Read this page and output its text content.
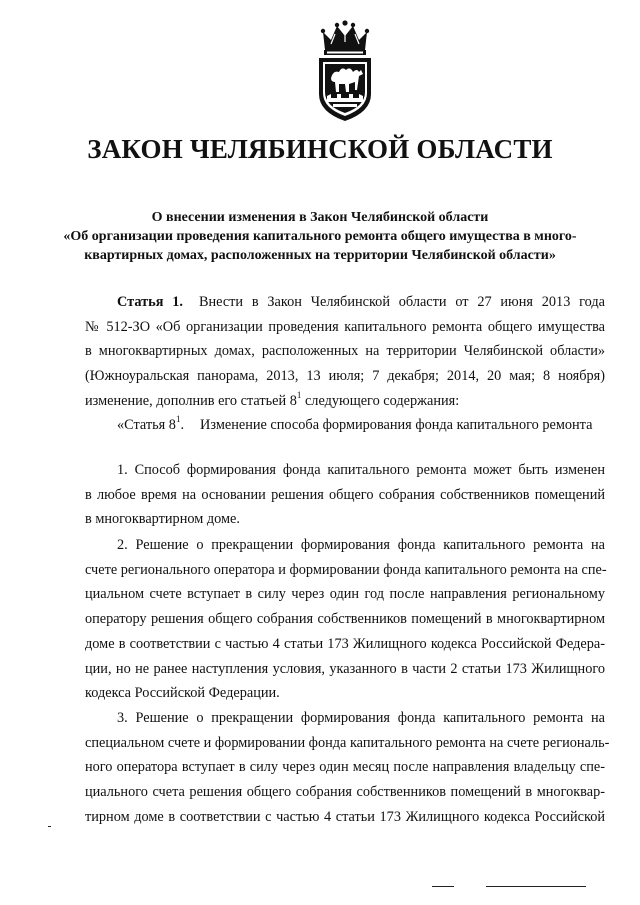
ЗАКОН ЧЕЛЯБИНСКОЙ ОБЛАСТИ
О внесении изменения в Закон Челябинской области
«Об организации проведения капитального ремонта общего имущества в много-
квартирных домах, расположенных на территории Челябинской области»
Статья 1. Внести в Закон Челябинской области от 27 июня 2013 года
№ 512-ЗО «Об организации проведения капитального ремонта общего имущества
в многоквартирных домах, расположенных на территории Челябинской области»
(Южноуральская панорама, 2013, 13 июля; 7 декабря; 2014, 20 мая; 8 ноября)
изменение, дополнив его статьей $8^1$ следующего содержания:
«Статья $8^1$. Изменение способа формирования фонда капитального ремонта
1. Способ формирования фонда капитального ремонта может быть изменен
в любое время на основании решения общего собрания собственников помещений
в многоквартирном доме.
2. Решение о прекращении формирования фонда капитального ремонта на
счете регионального оператора и формировании фонда капитального ремонта на спе-
циальном счете вступает в силу через один год после направления региональному
оператору решения общего собрания собственников помещений в многоквартирном
доме в соответствии с частью 4 статьи 173 Жилищного кодекса Российской Федера-
ции, но не ранее наступления условия, указанного в части 2 статьи 173 Жилищного
кодекса Российской Федерации.
3. Решение о прекращении формирования фонда капитального ремонта на
специальном счете и формировании фонда капитального ремонта на счете региональ-
ного оператора вступает в силу через один месяц после направления владельцу спе-
циального счета решения общего собрания собственников помещений в многоквар-
тирном доме в соответствии с частью 4 статьи 173 Жилищного кодекса Российской
